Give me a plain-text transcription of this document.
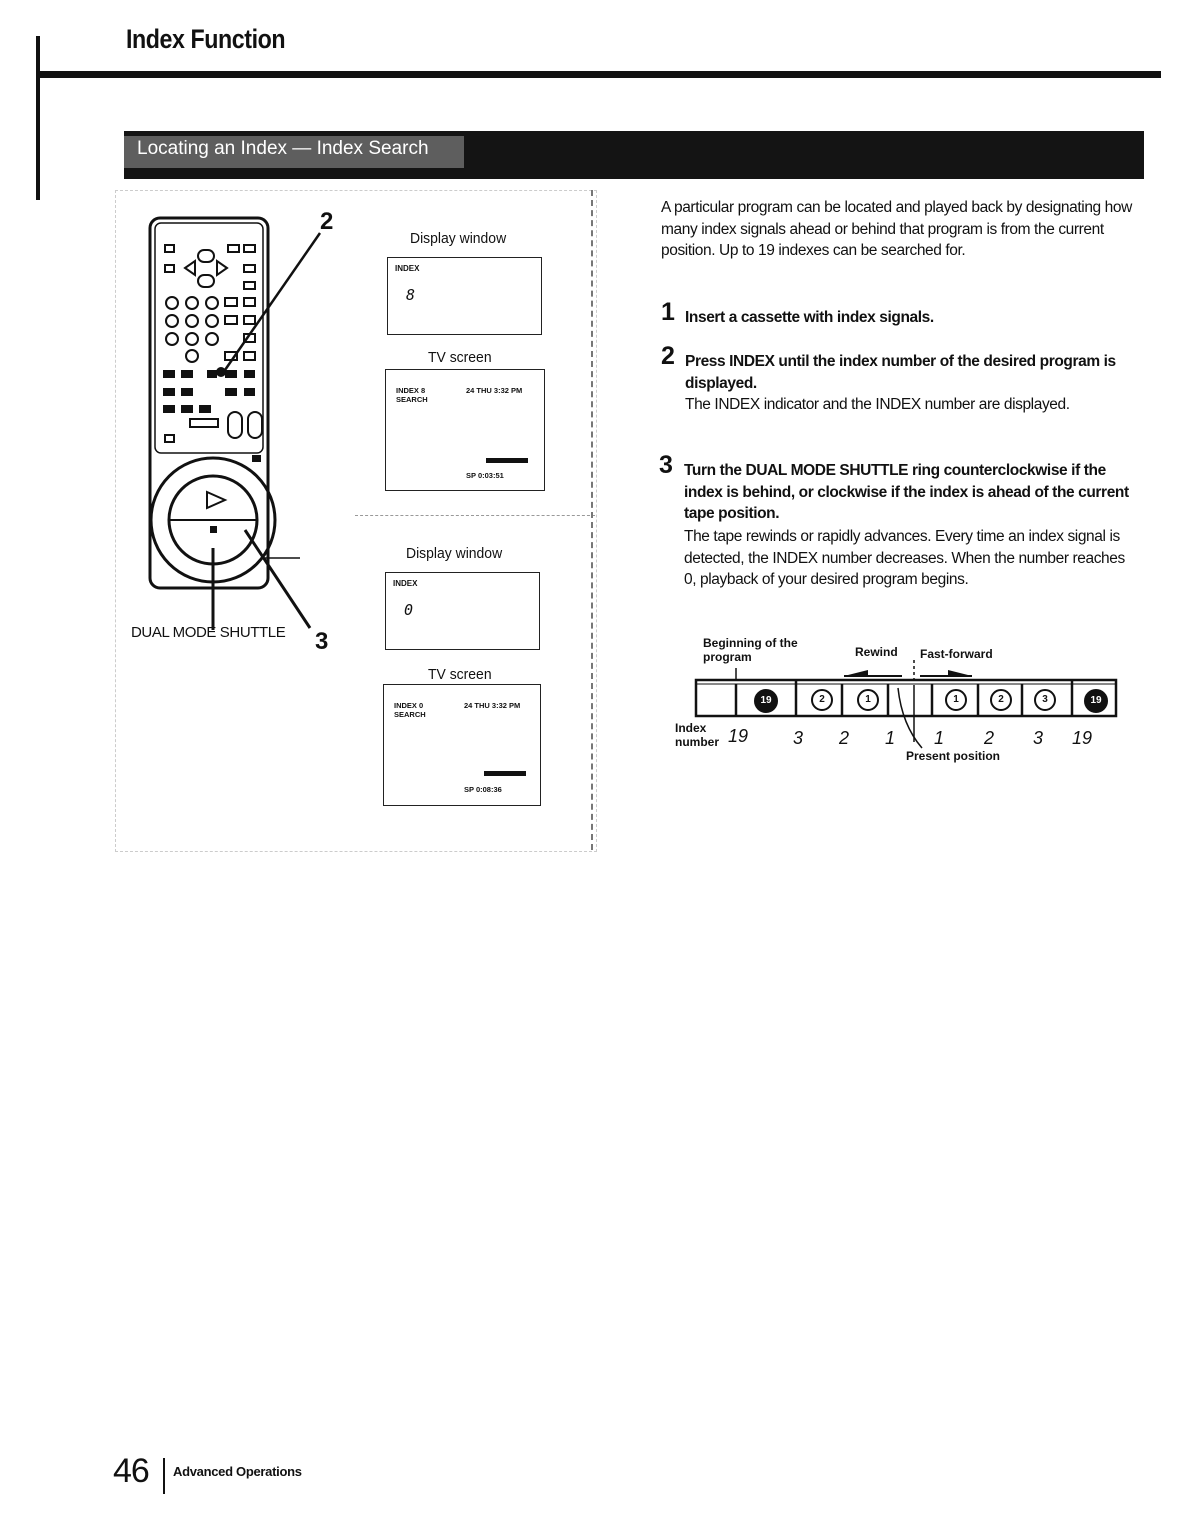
Index Function
Locating an Index — Index Search
2
3
DUAL MODE SHUTTLE
Display window
INDEX
8
TV screen
INDEX 8
SEARCH
24 THU 3:32 PM
SP 0:03:51
Display window
INDEX
0
TV screen
INDEX 0
SEARCH
24 THU 3:32 PM
SP 0:08:36
A particular program can be located and played back by designating how many index signals ahead or behind that program is from the current position. Up to 19 indexes can be searched for.
1 Insert a cassette with index signals.
2 Press INDEX until the index number of the desired program is displayed.
The INDEX indicator and the INDEX number are displayed.
3 Turn the DUAL MODE SHUTTLE ring counterclockwise if the index is behind, or clockwise if the index is ahead of the current tape position.
The tape rewinds or rapidly advances. Every time an index signal is detected, the INDEX number decreases. When the number reaches 0, playback of your desired program begins.
Beginning of the program	Rewind Fast-forward
Index number
Present position
19	2	1	1	2	3	19
19 3 2 1 1 2 3 19
46 Advanced Operations
